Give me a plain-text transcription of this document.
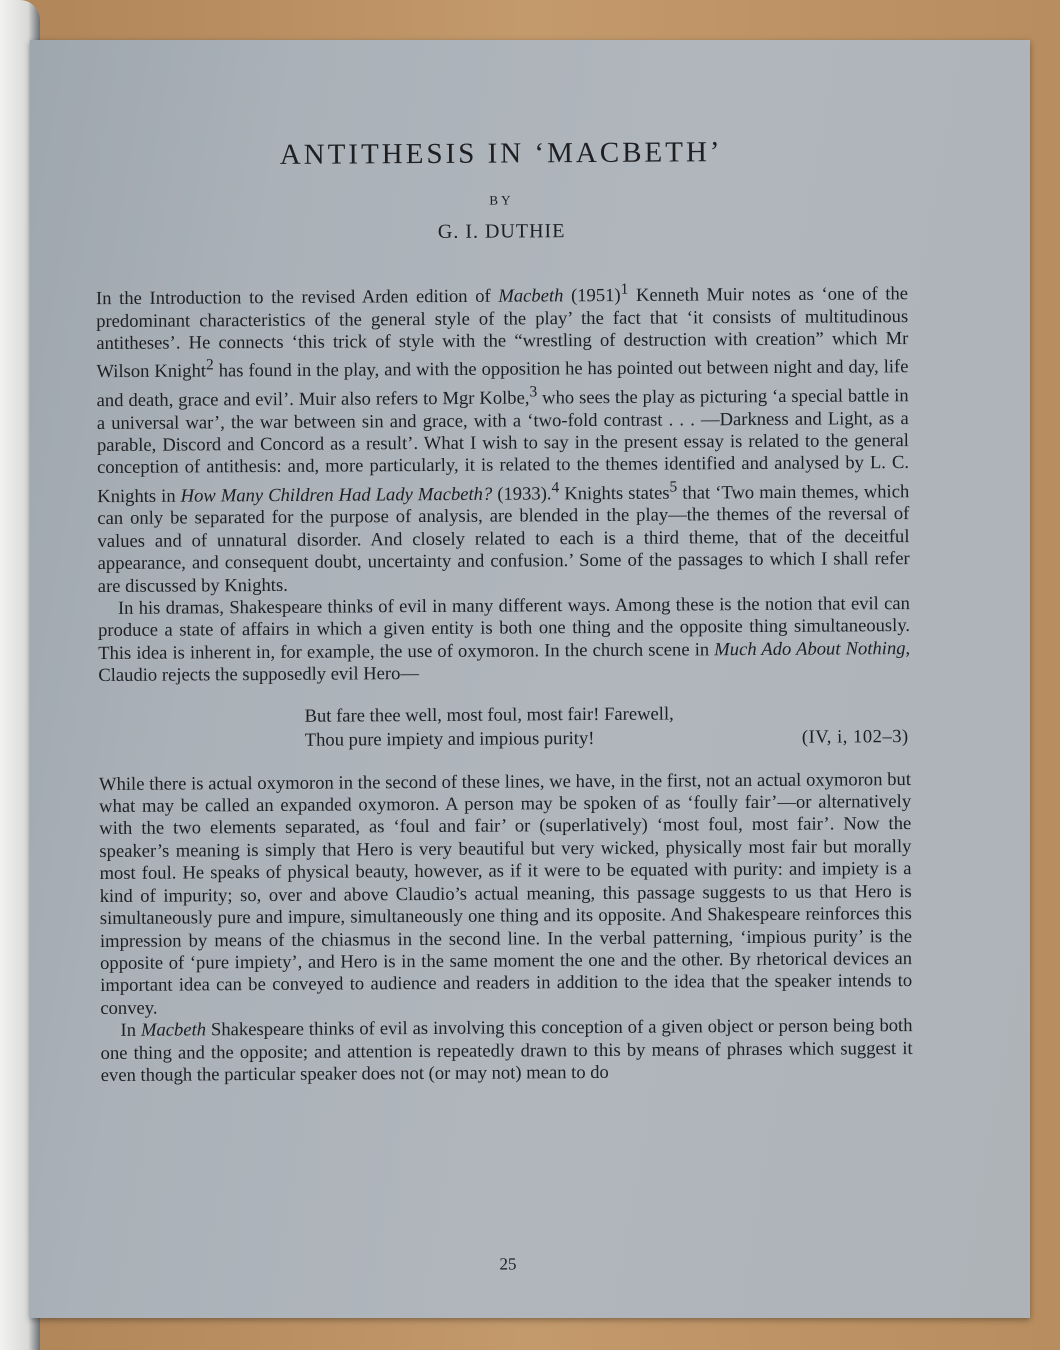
ANTITHESIS IN ‘MACBETH’
BY
G. I. DUTHIE

In the Introduction to the revised Arden edition of Macbeth $(1951)^1$ Kenneth Muir notes as ‘one of the predominant characteristics of the general style of the play’ the fact that ‘it consists of multitudinous antitheses’. He connects ‘this trick of style with the “wrestling of destruction with creation” which Mr Wilson Knight$^2$ has found in the play, and with the opposition he has pointed out between night and day, life and death, grace and evil’. Muir also refers to Mgr Kolbe,$^3$ who sees the play as picturing ‘a special battle in a universal war’, the war between sin and grace, with a ‘two-fold contrast . . . —Darkness and Light, as a parable, Discord and Concord as a result’. What I wish to say in the present essay is related to the general conception of antithesis: and, more particularly, it is related to the themes identified and analysed by L. C. Knights in How Many Children Had Lady Macbeth? (1933).$^4$ Knights states$^5$ that ‘Two main themes, which can only be separated for the purpose of analysis, are blended in the play—the themes of the reversal of values and of unnatural disorder. And closely related to each is a third theme, that of the deceitful appearance, and consequent doubt, uncertainty and confusion.’ Some of the passages to which I shall refer are discussed by Knights.

In his dramas, Shakespeare thinks of evil in many different ways. Among these is the notion that evil can produce a state of affairs in which a given entity is both one thing and the opposite thing simultaneously. This idea is inherent in, for example, the use of oxymoron. In the church scene in Much Ado About Nothing, Claudio rejects the supposedly evil Hero—

But fare thee well, most foul, most fair! Farewell,
Thou pure impiety and impious purity!	(IV, i, 102–3)

While there is actual oxymoron in the second of these lines, we have, in the first, not an actual oxymoron but what may be called an expanded oxymoron. A person may be spoken of as ‘foully fair’—or alternatively with the two elements separated, as ‘foul and fair’ or (superlatively) ‘most foul, most fair’. Now the speaker’s meaning is simply that Hero is very beautiful but very wicked, physically most fair but morally most foul. He speaks of physical beauty, however, as if it were to be equated with purity: and impiety is a kind of impurity; so, over and above Claudio’s actual meaning, this passage suggests to us that Hero is simultaneously pure and impure, simultaneously one thing and its opposite. And Shakespeare reinforces this impression by means of the chiasmus in the second line. In the verbal patterning, ‘impious purity’ is the opposite of ‘pure impiety’, and Hero is in the same moment the one and the other. By rhetorical devices an important idea can be conveyed to audience and readers in addition to the idea that the speaker intends to convey.

In Macbeth Shakespeare thinks of evil as involving this conception of a given object or person being both one thing and the opposite; and attention is repeatedly drawn to this by means of phrases which suggest it even though the particular speaker does not (or may not) mean to do

25
